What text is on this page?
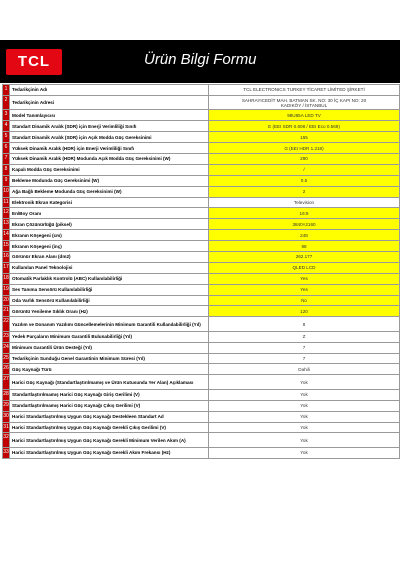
TCL	Ürün Bilgi Formu
1	Tedarikçinin Adı	TCL ELECTRONICS TURKEY TİCARET LİMİTED ŞİRKETİ
2	Tedarikçinin Adresi	SAHRAYICEDİT MAH. BATMAN SK. NO: 30 İÇ KAPI NO: 20
KADIKÖY / İSTANBUL
3	Model Tanımlayıcısı	98U85A LED TV
4	Standart Dinamik Aralık (SDR) için Enerji Verimliliği Sınıfı	E (EEI SDR 0.608 / EEI Eco 0.569)
5	Standart Dinamik Aralık (SDR) için Açık Modda Güç Gereksinimi	155
6	Yüksek Dinamik Aralık (HDR) için Enerji Verimliliği Sınıfı	G (EEI HDR 1.218)
7	Yüksek Dinamik Aralık (HDR) Modunda Açık Modda Güç Gereksinimi (W)	290
8	Kapalı Modda Güç Gereksinimi	/
9	Bekleme Modunda Güç Gereksinimi (W)	0.5
10 Ağa Bağlı Bekleme Modunda Güç Gereksinimi (W)	2
11 Elektronik Ekran Kategorisi	Television
12 En/Boy Oranı	16:9
13 Ekran Çözünürlüğü (piksel)	3840×2160
14 Ekranın Köşegeni (cm)	248
15 Ekranın Köşegeni (inç)	98
16 Görünür Ekran Alanı (dm2)	262.177
17 Kullanılan Panel Teknolojisi	QLED LCD
18 Otomatik Parlaklık Kontrolü (ABC) Kullanılabilirliği	Yes
19 Ses Tanıma Sensörü Kullanılabilirliği	Yes
20 Oda Varlık Sensörü Kullanılabilirliği	No
21 Görüntü Yenileme Sıklık Oranı (Hz)	120
22 Yazılım ve Donanım Yazılımı Güncellemelerinin Minimum Garantili Kullanılabilirliği (Yıl)	8
23 Yedek Parçaların Minimum Garantili Bulunabilirliği (Yıl)	Z
24 Minimum Garantili Ürün Desteği (Yıl)	7
25 Tedarikçinin Sunduğu Genel Garantinin Minimum Süresi (Yıl)	7
26 Güç Kaynağı Türü	Dahili
27 Harici Güç Kaynağı (Standartlaştırılmamış ve Ürün Kutusunda Yer Alan) Açıklaması	Yok
28 Standartlaştırılmamış Harici Güç Kaynağı Giriş Gerilimi (V)	Yok
29 Standartlaştırılmamış Harici Güç Kaynağı Çıkış Gerilimi (V)	Yok
30 Harici Standartlaştırılmış Uygun Güç Kaynağı Destekleen Standart Ad	Yok
31 Harici Standartlaştırılmış Uygun Güç Kaynağı Gerekli Çıkış Gerilimi (V)	Yok
32 Harici Standartlaştırılmış Uygun Güç Kaynağı Gerekli Minimum Verilen Akım (A)	Yok
33 Harici Standartlaştırılmış Uygun Güç Kaynağı Gerekli Akım Frekansı (Hz)	Yok
